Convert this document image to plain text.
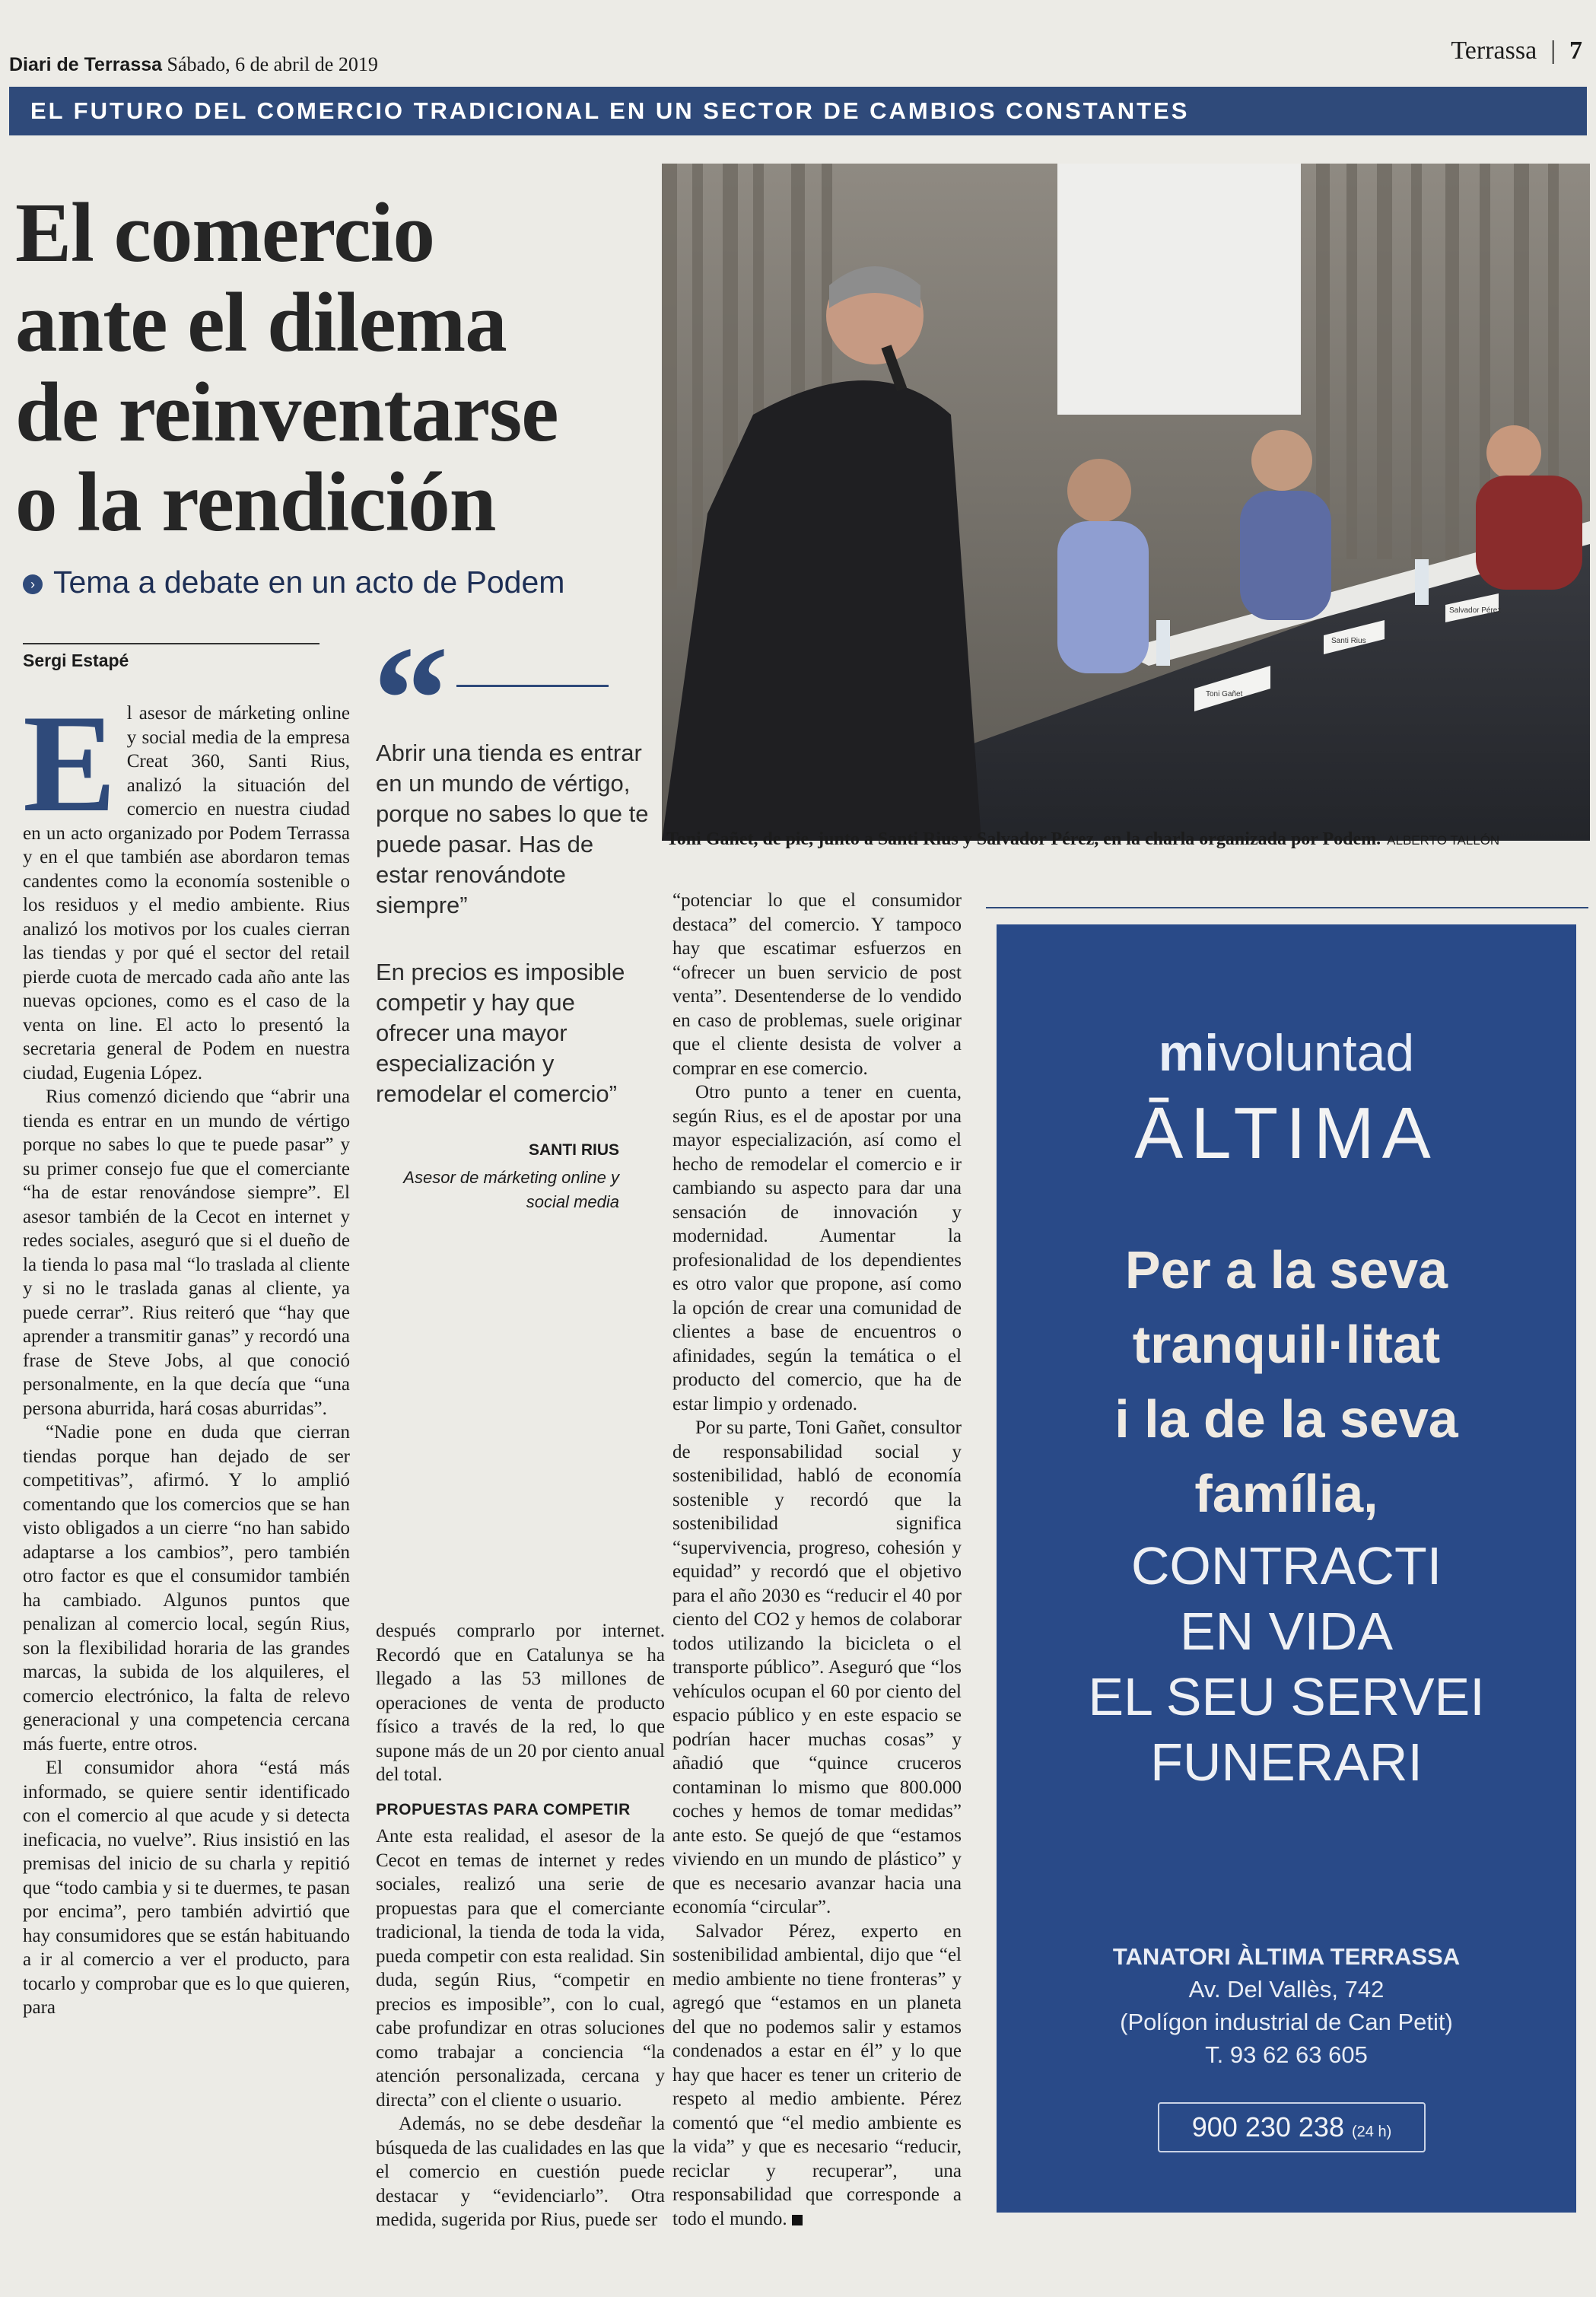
Diari de Terrassa Sábado, 6 de abril de 2019	Terrassa | 7
EL FUTURO DEL COMERCIO TRADICIONAL EN UN SECTOR DE CAMBIOS CONSTANTES
El comercio
ante el dilema
de reinventarse
o la rendición
› Tema a debate en un acto de Podem
Sergi Estapé

El asesor de márketing online y social media de la empresa Creat 360, Santi Rius, analizó la situación del comercio en nuestra ciudad en un acto organizado por Podem Terrassa y en el que también ase abordaron temas candentes como la economía sostenible o los residuos y el medio ambiente. Rius analizó los motivos por los cuales cierran las tiendas y por qué el sector del retail pierde cuota de mercado cada año ante las nuevas opciones, como es el caso de la venta on line. El acto lo presentó la secretaria general de Podem en nuestra ciudad, Eugenia López.

Rius comenzó diciendo que “abrir una tienda es entrar en un mundo de vértigo porque no sabes lo que te puede pasar” y su primer consejo fue que el comerciante “ha de estar renovándose siempre”. El asesor también de la Cecot en internet y redes sociales, aseguró que si el dueño de la tienda lo pasa mal “lo traslada al cliente y si no le traslada ganas al cliente, ya puede cerrar”. Rius reiteró que “hay que aprender a transmitir ganas” y recordó una frase de Steve Jobs, al que conoció personalmente, en la que decía que “una persona aburrida, hará cosas aburridas”.

“Nadie pone en duda que cierran tiendas porque han dejado de ser competitivas”, afirmó. Y lo amplió comentando que los comercios que se han visto obligados a un cierre “no han sabido adaptarse a los cambios”, pero también otro factor es que el consumidor también ha cambiado. Algunos puntos que penalizan al comercio local, según Rius, son la flexibilidad horaria de las grandes marcas, la subida de los alquileres, el comercio electrónico, la falta de relevo generacional y una competencia cercana más fuerte, entre otros.

El consumidor ahora “está más informado, se quiere sentir identificado con el comercio al que acude y si detecta ineficacia, no vuelve”. Rius insistió en las premisas del inicio de su charla y repitió que “todo cambia y si te duermes, te pasan por encima”, pero también advirtió que hay consumidores que se están habituando a ir al comercio a ver el producto, para tocarlo y comprobar que es lo que quieren, para

“
Abrir una tienda es entrar en un mundo de vértigo, porque no sabes lo que te puede pasar. Has de estar renovándote siempre”
En precios es imposible competir y hay que ofrecer una mayor especialización y remodelar el comercio”
SANTI RIUS
Asesor de márketing online y social media

después comprarlo por internet. Recordó que en Catalunya se ha llegado a las 53 millones de operaciones de venta de producto físico a través de la red, lo que supone más de un 20 por ciento anual del total.

PROPUESTAS PARA COMPETIR

Ante esta realidad, el asesor de la Cecot en temas de internet y redes sociales, realizó una serie de propuestas para que el comerciante tradicional, la tienda de toda la vida, pueda competir con esta realidad. Sin duda, según Rius, “competir en precios es imposible”, con lo cual, cabe profundizar en otras soluciones como trabajar a conciencia “la atención personalizada, cercana y directa” con el cliente o usuario.

Además, no se debe desdeñar la búsqueda de las cualidades en las que el comercio en cuestión puede destacar y “evidenciarlo”. Otra medida, sugerida por Rius, puede ser

“potenciar lo que el consumidor destaca” del comercio. Y tampoco hay que escatimar esfuerzos en “ofrecer un buen servicio de post venta”. Desentenderse de lo vendido en caso de problemas, suele originar que el cliente desista de volver a comprar en ese comercio.

Otro punto a tener en cuenta, según Rius, es el de apostar por una mayor especialización, así como el hecho de remodelar el comercio e ir cambiando su aspecto para dar una sensación de innovación y modernidad. Aumentar la profesionalidad de los dependientes es otro valor que propone, así como la opción de crear una comunidad de clientes a base de encuentros o afinidades, según la temática o el producto del comercio, que ha de estar limpio y ordenado.

Por su parte, Toni Gañet, consultor de responsabilidad social y sostenibilidad, habló de economía sostenible y recordó que la sostenibilidad significa “supervivencia, progreso, cohesión y equidad” y recordó que el objetivo para el año 2030 es “reducir el 40 por ciento del CO2 y hemos de colaborar todos utilizando la bicicleta o el transporte público”. Aseguró que “los vehículos ocupan el 60 por ciento del espacio público y en este espacio se podrían hacer muchas cosas” y añadió que “quince cruceros contaminan lo mismo que 800.000 coches y hemos de tomar medidas” ante esto. Se quejó de que “estamos viviendo en un mundo de plástico” y que es necesario avanzar hacia una economía “circular”.

Salvador Pérez, experto en sostenibilidad ambiental, dijo que “el medio ambiente no tiene fronteras” y agregó que “estamos en un planeta del que no podemos salir y estamos condenados a estar en él” y lo que hay que hacer es tener un criterio de respeto al medio ambiente. Pérez comentó que “el medio ambiente es la vida” y que es necesario “reducir, reciclar y recuperar”, una responsabilidad que corresponde a todo el mundo.

Toni Gañet
Santi Rius
Salvador Pérez
Toni Gañet, de pie, junto a Santi Rius y Salvador Pérez, en la charla organizada por Podem. ALBERTO TALLÓN
mivoluntad
ĀLTIMA
Per a la seva
tranquil·litat
i la de la seva
família,
CONTRACTI
EN VIDA
EL SEU SERVEI
FUNERARI
TANATORI ÀLTIMA TERRASSA
Av. Del Vallès, 742
(Polígon industrial de Can Petit)
T. 93 62 63 605
900 230 238 (24 h)
